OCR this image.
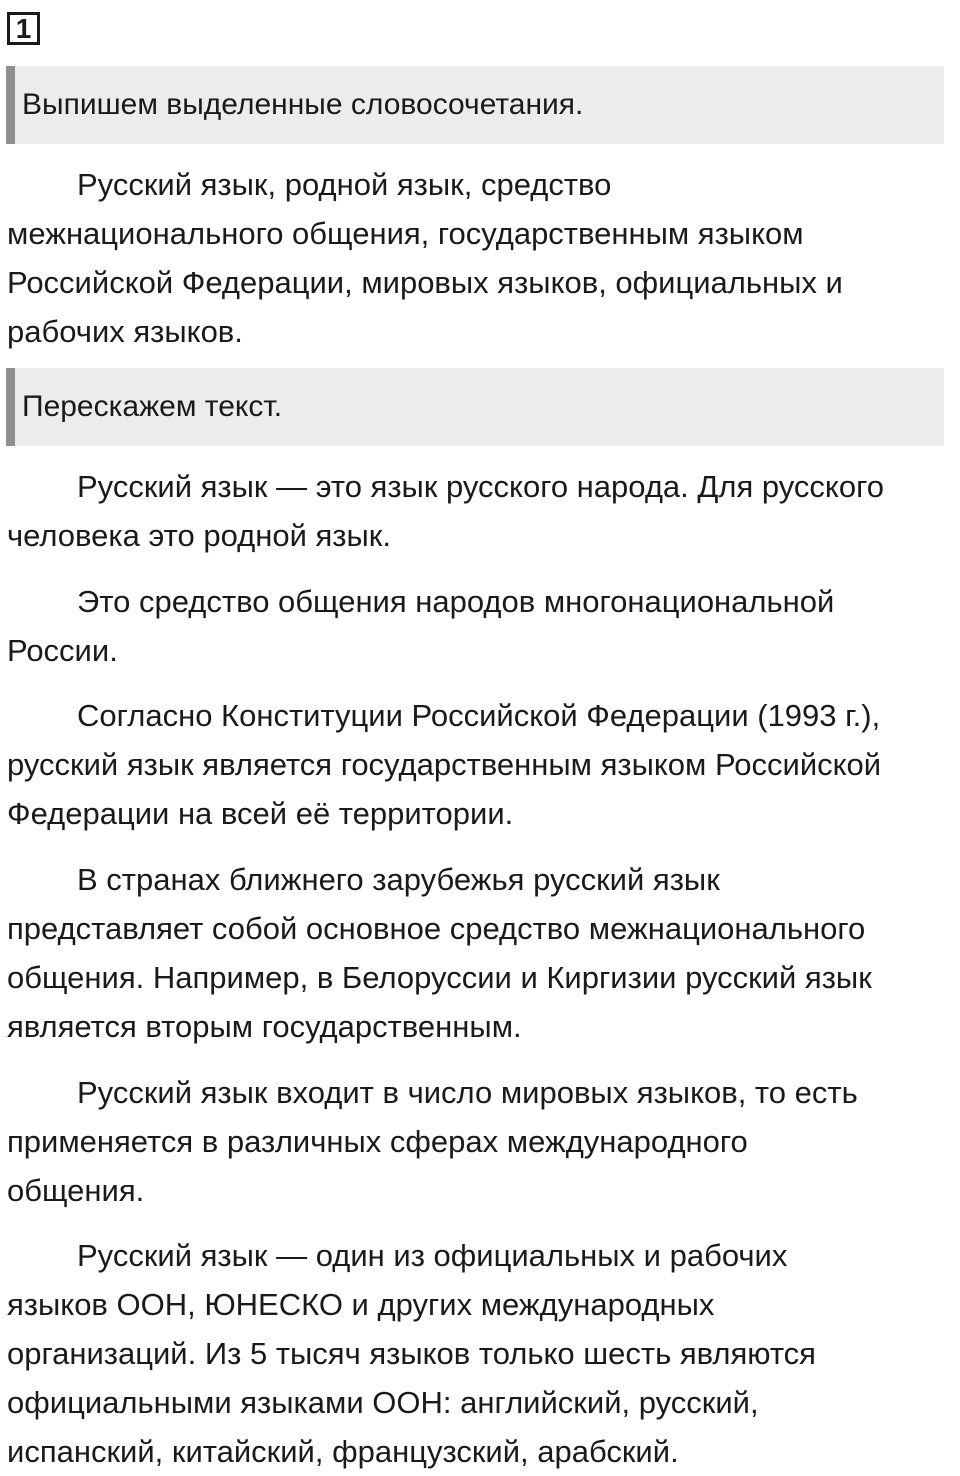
1
Выпишем выделенные словосочетания.

Русский язык, родной язык, средство
межнационального общения, государственным языком
Российской Федерации, мировых языков, официальных и
рабочих языков.

Перескажем текст.

Русский язык — это язык русского народа. Для русского
человека это родной язык.

Это средство общения народов многонациональной
России.

Согласно Конституции Российской Федерации (1993 г.),
русский язык является государственным языком Российской
Федерации на всей её территории.

В странах ближнего зарубежья русский язык
представляет собой основное средство межнационального
общения. Например, в Белоруссии и Киргизии русский язык
является вторым государственным.

Русский язык входит в число мировых языков, то есть
применяется в различных сферах международного
общения.

Русский язык — один из официальных и рабочих
языков ООН, ЮНЕСКО и других международных
организаций. Из 5 тысяч языков только шесть являются
официальными языками ООН: английский, русский,
испанский, китайский, французский, арабский.
